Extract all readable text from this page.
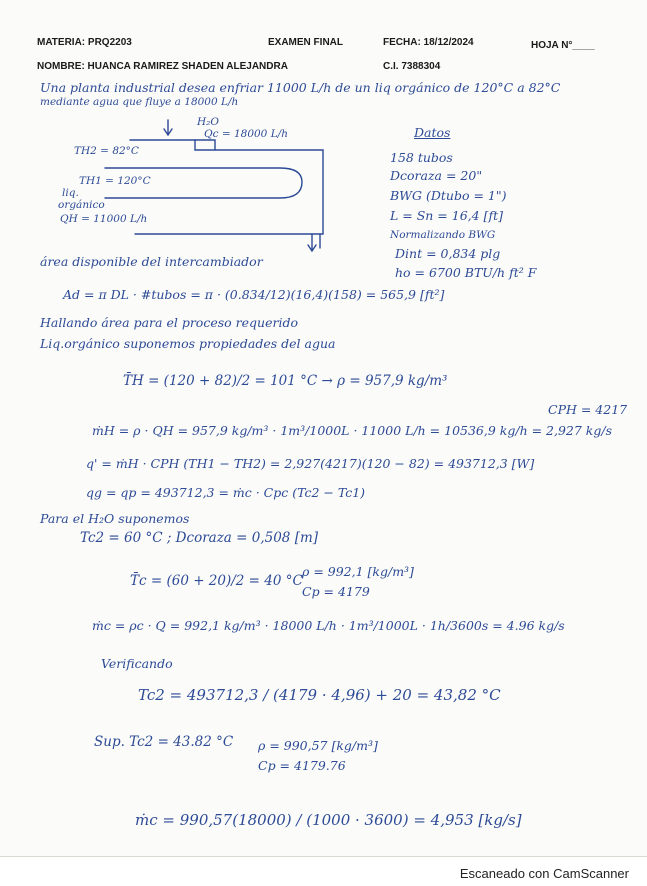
MATERIA: PRQ2203	EXAMEN FINAL	FECHA: 18/12/2024	HOJA N°____
NOMBRE: HUANCA RAMIREZ SHADEN ALEJANDRA	C.I. 7388304
Una planta industrial desea enfriar 11000 L/h de un liq orgánico de 120°C a 82°C
mediante agua que fluye a 18000 L/h
H₂O
Qc = 18000 L/h
TH2 = 82°C
TH1 = 120°C
liq.
orgánico
QH = 11000 L/h
Datos
158 tubos
Dcoraza = 20"
BWG (Dtubo = 1")
L = Sn = 16,4 [ft]
Normalizando BWG
Dint = 0,834 plg
ho = 6700 BTU/h ft² F
área disponible del intercambiador
Ad = π DL · #tubos = π · (0.834/12)(16,4)(158) = 565,9 [ft²]
Hallando área para el proceso requerido
Liq.orgánico suponemos propiedades del agua
T̄H = (120 + 82)/2 = 101 °C → ρ = 957,9 kg/m³
CPH = 4217
ṁH = ρ · QH = 957,9 kg/m³ · 1m³/1000L · 11000 L/h = 10536,9 kg/h = 2,927 kg/s
q' = ṁH · CPH (TH1 − TH2) = 2,927(4217)(120 − 82) = 493712,3 [W]
qg = qp = 493712,3 = ṁc · Cpc (Tc2 − Tc1)
Para el H₂O suponemos
Tc2 = 60 °C ; Dcoraza = 0,508 [m]
T̄c = (60 + 20)/2 = 40 °C
ρ = 992,1 [kg/m³]
Cp = 4179
ṁc = ρc · Q = 992,1 kg/m³ · 18000 L/h · 1m³/1000L · 1h/3600s = 4.96 kg/s
Verificando
Tc2 = 493712,3 / (4179 · 4,96) + 20 = 43,82 °C
Sup. Tc2 = 43.82 °C ρ = 990,57 [kg/m³]
Cp = 4179.76
ṁc = 990,57(18000) / (1000 · 3600) = 4,953 [kg/s]
Escaneado con CamScanner
